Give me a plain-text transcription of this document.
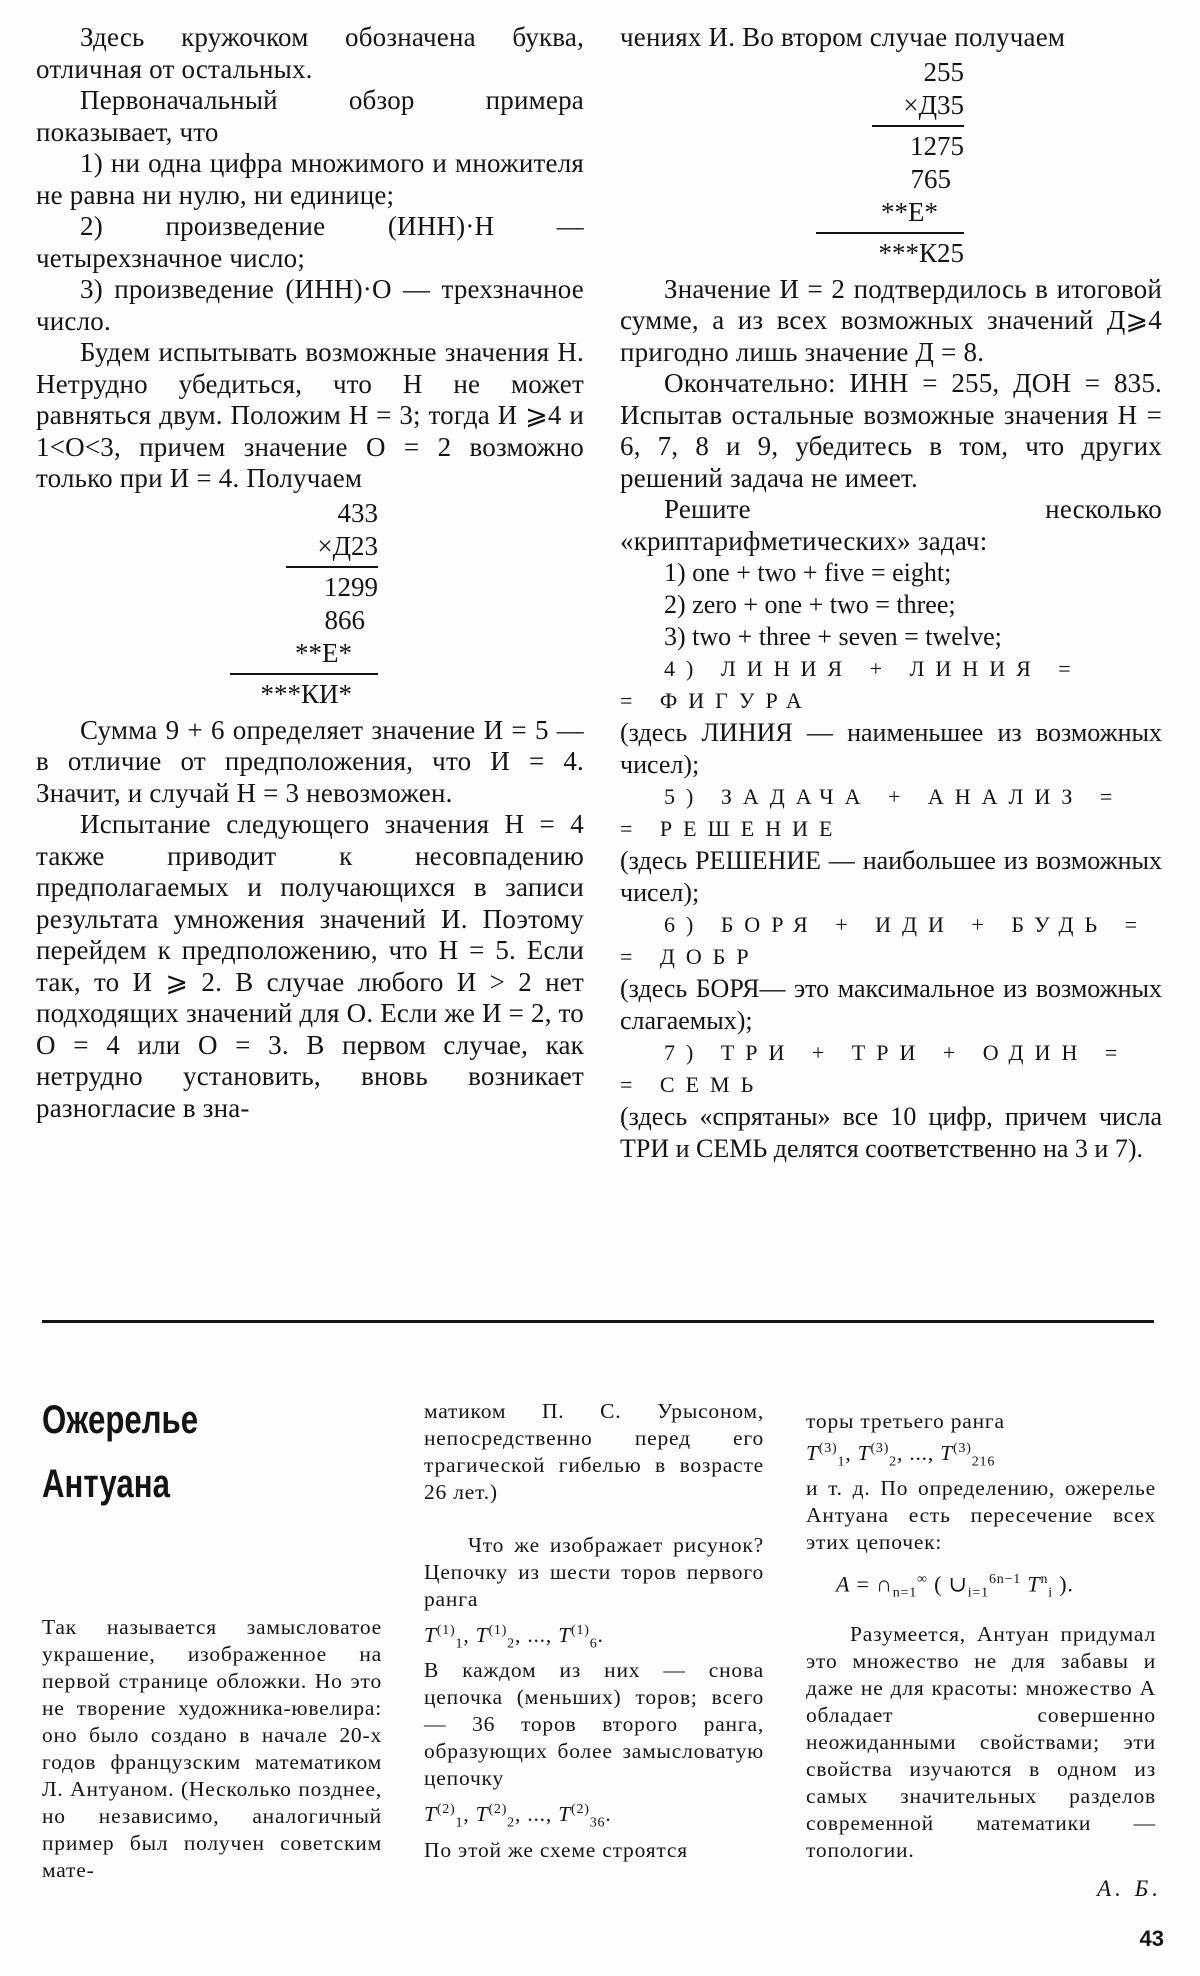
Здесь кружочком обозначена буква, отличная от остальных.

Первоначальный обзор примера показывает, что

1) ни одна цифра множимого и множителя не равна ни нулю, ни единице;

2) произведение (ИНН)·Н — четырехзначное число;

3) произведение (ИНН)·О — трехзначное число.

Будем испытывать возможные значения Н. Нетрудно убедиться, что Н не может равняться двум. Положим Н = 3; тогда И ⩾4 и 1<О<3, причем значение О = 2 возможно только при И = 4. Получаем

433
×Д23
1299
866
**Е*
***КИ*

Сумма 9 + 6 определяет значение И = 5 — в отличие от предположения, что И = 4. Значит, и случай Н = 3 невозможен.

Испытание следующего значения Н = 4 также приводит к несовпадению предполагаемых и получающихся в записи результата умножения значений И. Поэтому перейдем к предположению, что Н = 5. Если так, то И ⩾ 2. В случае любого И > 2 нет подходящих значений для О. Если же И = 2, то О = 4 или О = 3. В первом случае, как нетрудно установить, вновь возникает разногласие в зна-

чениях И. Во втором случае получаем

255
×Д35
1275
765
**Е*
***К25

Значение И = 2 подтвердилось в итоговой сумме, а из всех возможных значений Д⩾4 пригодно лишь значение Д = 8.

Окончательно: ИНН = 255, ДОН = 835. Испытав остальные возможные значения Н = 6, 7, 8 и 9, убедитесь в том, что других решений задача не имеет.

Решите несколько «криптарифметических» задач:

1) one + two + five = eight;

2) zero + one + two = three;

3) two + three + seven = twelve;

4) ЛИНИЯ + ЛИНИЯ =

= ФИГУРА

(здесь ЛИНИЯ — наименьшее из возможных чисел);

5) ЗАДАЧА + АНАЛИЗ =

= РЕШЕНИЕ

(здесь РЕШЕНИЕ — наибольшее из возможных чисел);

6) БОРЯ + ИДИ + БУДЬ =

= ДОБР

(здесь БОРЯ— это максимальное из возможных слагаемых);

7) ТРИ + ТРИ + ОДИН =

= СЕМЬ

(здесь «спрятаны» все 10 цифр, причем числа ТРИ и СЕМЬ делятся соответственно на 3 и 7).

Ожерелье
Антуана

Так называется замысловатое украшение, изображенное на первой странице обложки. Но это не творение художника-ювелира: оно было создано в начале 20-х годов французским математиком Л. Антуаном. (Несколько позднее, но независимо, аналогичный пример был получен советским мате-

матиком П. С. Урысоном, непосредственно перед его трагической гибелью в возрасте 26 лет.)

Что же изображает рисунок? Цепочку из шести торов первого ранга

$T^{(1)}_1$, $T^{(1)}_2$, ..., $T^{(1)}_6$.

В каждом из них — снова цепочка (меньших) торов; всего — 36 торов второго ранга, образующих более замысловатую цепочку

$T^{(2)}_1$, $T^{(2)}_2$, ..., $T^{(2)}_{36}$.

По этой же схеме строятся

торы третьего ранга

$T^{(3)}_1$, $T^{(3)}_2$, ..., $T^{(3)}_{216}$

и т. д. По определению, ожерелье Антуана есть пересечение всех этих цепочек:

$A = \cap_{n=1}^\infty$ ( $\cup_{i=1}^{6n-1}$ $T^n_i$ ).

Разумеется, Антуан придумал это множество не для забавы и даже не для красоты: множество A обладает совершенно неожиданными свойствами; эти свойства изучаются в одном из самых значительных разделов современной математики — топологии.

А. Б.
43
